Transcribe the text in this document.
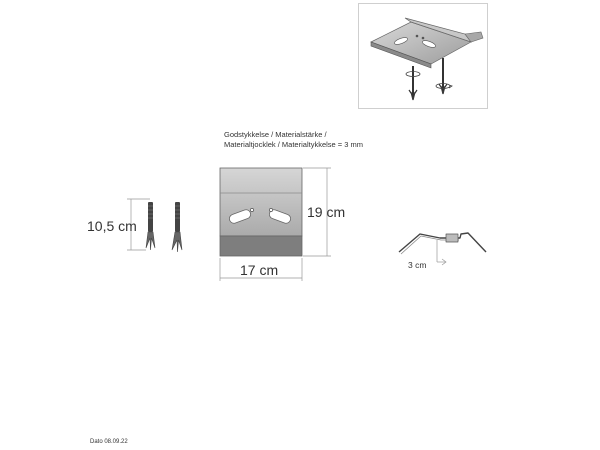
Godstykkelse / Materialstärke /
Materialtjocklek / Materialtykkelse = 3 mm
19 cm
17 cm
10,5 cm
3 cm
Dato 08.09.22
